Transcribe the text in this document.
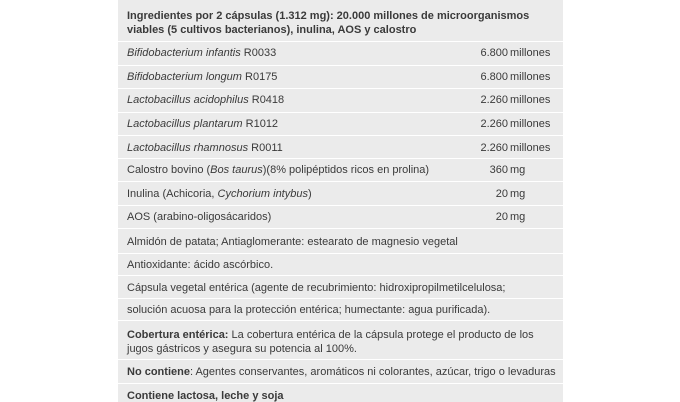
Ingredientes por 2 cápsulas (1.312 mg): 20.000 millones de microorganismos
viables (5 cultivos bacterianos), inulina, AOS y calostro
Bifidobacterium infantis R0033	6.800 millones
Bifidobacterium longum R0175	6.800 millones
Lactobacillus acidophilus R0418	2.260 millones
Lactobacillus plantarum R1012	2.260 millones
Lactobacillus rhamnosus R0011	2.260 millones
Calostro bovino (Bos taurus)(8% polipéptidos ricos en prolina)	360 mg
Inulina (Achicoria, Cychorium intybus)	20 mg
AOS (arabino-oligosácaridos)	20 mg
Almidón de patata; Antiaglomerante: estearato de magnesio vegetal
Antioxidante: ácido ascórbico.
Cápsula vegetal entérica (agente de recubrimiento: hidroxipropilmetilcelulosa;
solución acuosa para la protección entérica; humectante: agua purificada).
Cobertura entérica: La cobertura entérica de la cápsula protege el producto de los
jugos gástricos y asegura su potencia al 100%.
No contiene: Agentes conservantes, aromáticos ni colorantes, azúcar, trigo o levaduras
Contiene lactosa, leche y soja
